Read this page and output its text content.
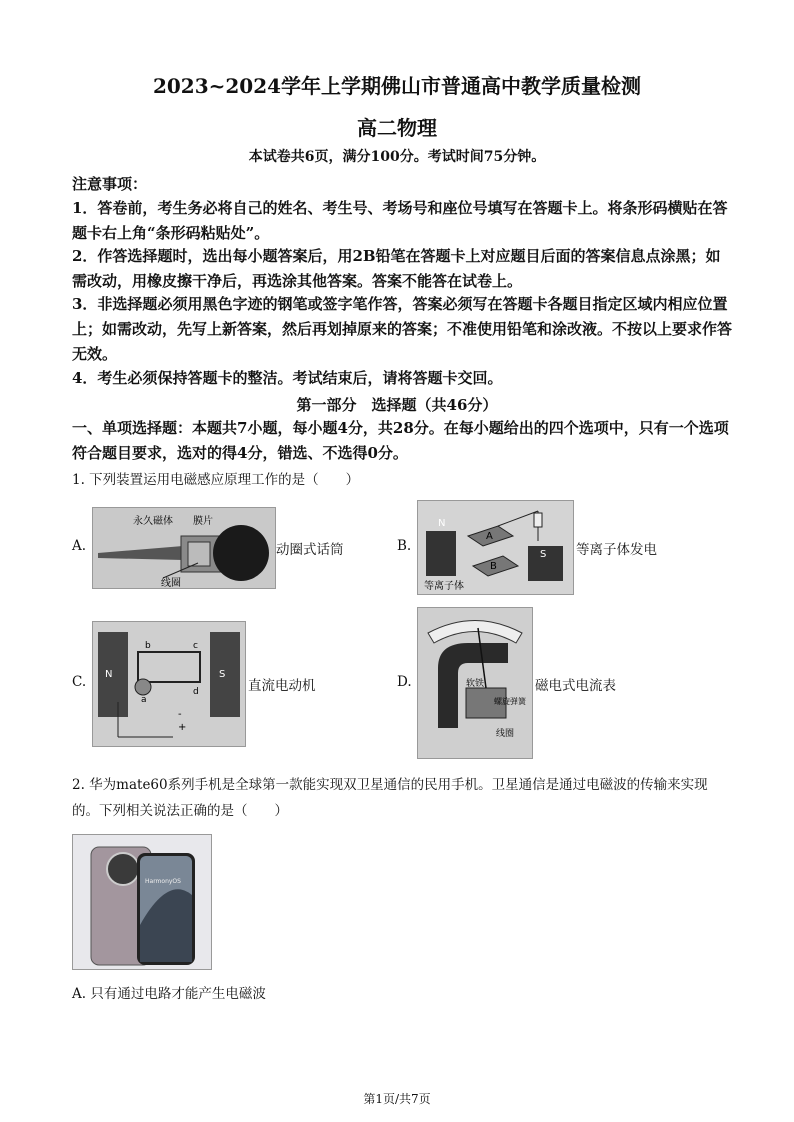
2023~2024学年上学期佛山市普通高中教学质量检测
高二物理
本试卷共6页，满分100分。考试时间75分钟。
注意事项：
1．答卷前，考生务必将自己的姓名、考生号、考场号和座位号填写在答题卡上。将条形码横贴在答题卡右上角“条形码粘贴处”。
2．作答选择题时，选出每小题答案后，用2B铅笔在答题卡上对应题目后面的答案信息点涂黑；如需改动，用橡皮擦干净后，再选涂其他答案。答案不能答在试卷上。
3．非选择题必须用黑色字迹的钢笔或签字笔作答，答案必须写在答题卡各题目指定区域内相应位置上；如需改动，先写上新答案，然后再划掉原来的答案；不准使用铅笔和涂改液。不按以上要求作答无效。
4．考生必须保持答题卡的整洁。考试结束后，请将答题卡交回。
第一部分　选择题（共46分）
一、单项选择题：本题共7小题，每小题4分，共28分。在每小题给出的四个选项中，只有一个选项符合题目要求，选对的得4分，错选、不选得0分。
1. 下列装置运用电磁感应原理工作的是（　　）
A.
永久磁体 膜片
线圈
动圈式话筒	B.
N
A
B
S
等离子体
等离子体发电
C. N	S
b	c
a
d
-
+
直流电动机	D.	软铁
螺旋弹簧
线圈
磁电式电流表
2. 华为mate60系列手机是全球第一款能实现双卫星通信的民用手机。卫星通信是通过电磁波的传输来实现的。下列相关说法正确的是（　　）
HarmonyOS
A. 只有通过电路才能产生电磁波
第1页/共7页
